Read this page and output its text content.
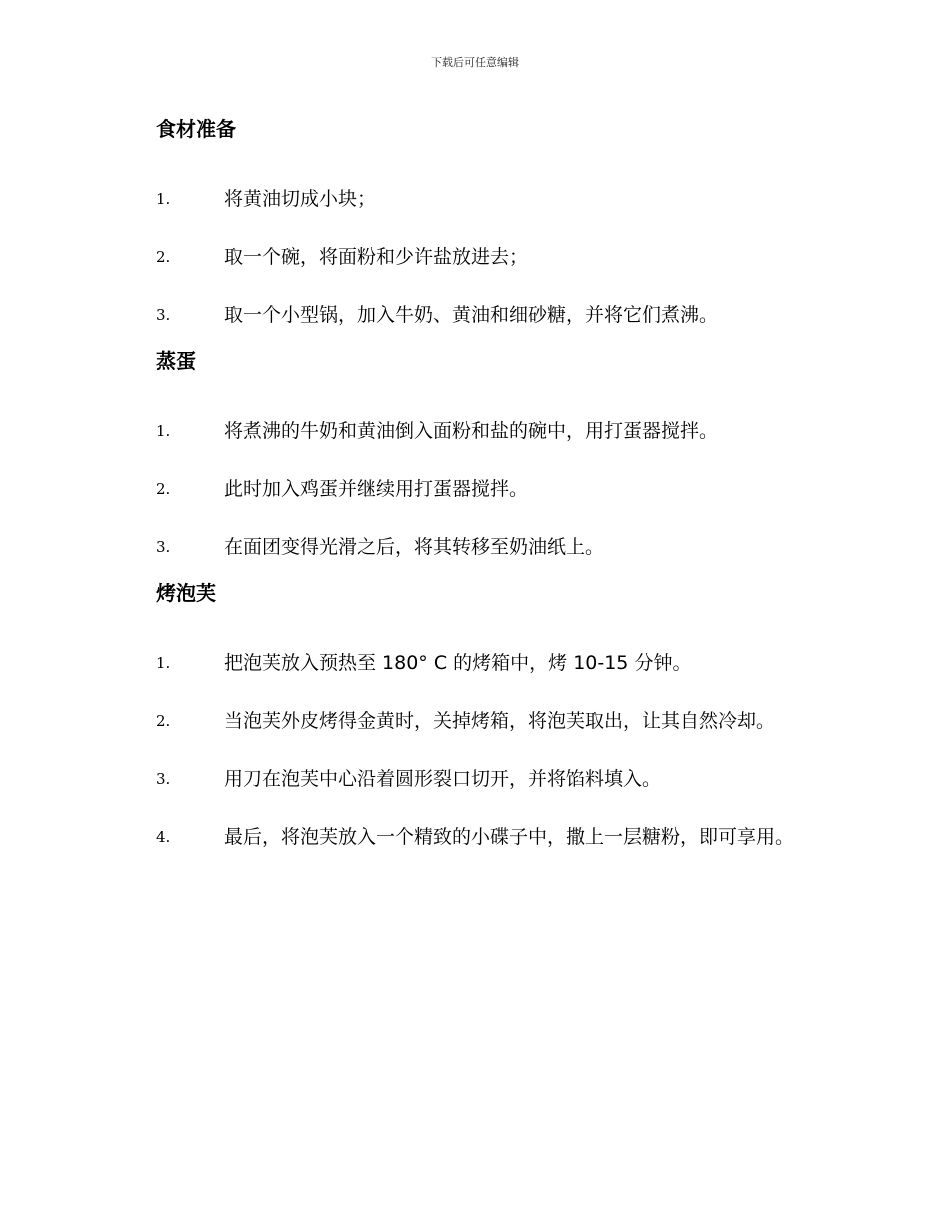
下载后可任意编辑
食材准备
1.	将黄油切成小块；

2.	取一个碗，将面粉和少许盐放进去；

3.	取一个小型锅，加入牛奶、黄油和细砂糖，并将它们煮沸。

蒸蛋
1.	将煮沸的牛奶和黄油倒入面粉和盐的碗中，用打蛋器搅拌。

2.	此时加入鸡蛋并继续用打蛋器搅拌。

3.	在面团变得光滑之后，将其转移至奶油纸上。

烤泡芙
1.	把泡芙放入预热至 180° C 的烤箱中，烤 10-15 分钟。

2.	当泡芙外皮烤得金黄时，关掉烤箱，将泡芙取出，让其自然冷却。

3.	用刀在泡芙中心沿着圆形裂口切开，并将馅料填入。

4.	最后，将泡芙放入一个精致的小碟子中，撒上一层糖粉，即可享用。
